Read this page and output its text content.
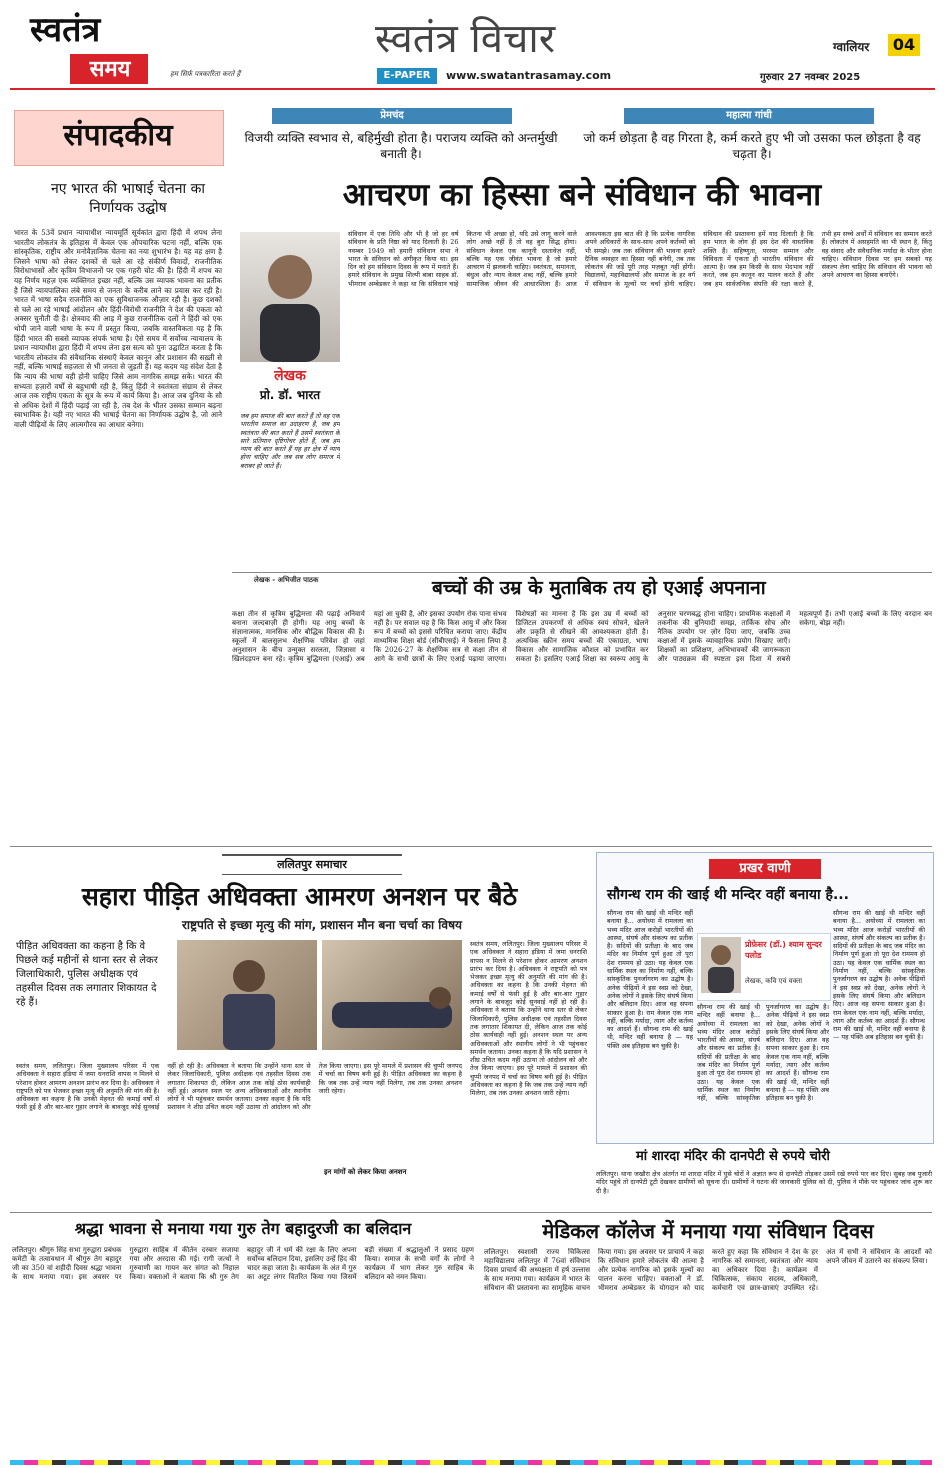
स्वतंत्र
समय	हम सिर्फ़ पत्रकारिता करते हैं
स्वतंत्र विचार
E-PAPER	www.swatantrasamay.com
ग्वालियर	04
गुरुवार 27 नवम्बर 2025
संपादकीय
नए भारत की भाषाई चेतना का निर्णायक उद्घोष
भारत के 53वें प्रधान न्यायाधीश न्यायमूर्ति सूर्यकांत द्वारा हिंदी में शपथ लेना भारतीय लोकतंत्र के इतिहास में केवल एक औपचारिक घटना नहीं, बल्कि एक सांस्कृतिक, राष्ट्रीय और मनोवैज्ञानिक चेतना का नया शुभारंभ है। यह वह क्षण है जिसने भाषा को लेकर दशकों से चले आ रहे संकीर्ण विवादों, राजनीतिक विरोधाभासों और कृत्रिम विभाजनों पर एक गहरी चोट की है। हिंदी में शपथ का यह निर्णय महज़ एक व्यक्तिगत इच्छा नहीं, बल्कि उस व्यापक भावना का प्रतीक है जिसे न्यायपालिका लंबे समय से जनता के करीब लाने का प्रयास कर रही है। भारत में भाषा सदैव राजनीति का एक सुविधाजनक औज़ार रही है। कुछ दशकों से चले आ रहे भाषाई आंदोलन और हिंदी-विरोधी राजनीति ने देश की एकता को अक्सर चुनौती दी है। क्षेत्रवाद की आड़ में कुछ राजनीतिक दलों ने हिंदी को एक थोपी जाने वाली भाषा के रूप में प्रस्तुत किया, जबकि वास्तविकता यह है कि हिंदी भारत की सबसे व्यापक संपर्क भाषा है। ऐसे समय में सर्वोच्च न्यायालय के प्रधान न्यायाधीश द्वारा हिंदी में शपथ लेना इस सत्य को पुनः उद्घाटित करता है कि भारतीय लोकतंत्र की संवैधानिक संस्थाएँ केवल कानून और प्रशासन की सख़्ती से नहीं, बल्कि भाषाई सहजता से भी जनता से जुड़ती हैं। यह कदम यह संदेश देता है कि न्याय की भाषा वही होनी चाहिए जिसे आम नागरिक समझ सके। भारत की सभ्यता हज़ारों वर्षों से बहुभाषी रही है, किंतु हिंदी ने स्वतंत्रता संग्राम से लेकर आज तक राष्ट्रीय एकता के सूत्र के रूप में कार्य किया है। आज जब दुनिया के सौ से अधिक देशों में हिंदी पढ़ाई जा रही है, तब देश के भीतर उसका सम्मान बढ़ना स्वाभाविक है। यही नए भारत की भाषाई चेतना का निर्णायक उद्घोष है, जो आने वाली पीढ़ियों के लिए आत्मगौरव का आधार बनेगा।
प्रेमचंद
विजयी व्यक्ति स्वभाव से, बहिर्मुखी होता है। पराजय व्यक्ति को अन्तर्मुखी बनाती है।
महात्मा गांधी
जो कर्म छोड़ता है वह गिरता है, कर्म करते हुए भी जो उसका फल छोड़ता है वह चढ़ता है।
आचरण का हिस्सा बने संविधान की भावना
लेखक
प्रो. डॉ. भारत
जब हम समाज की बात करते हैं तो वह एक भारतीय समाज का उदाहरण है, जब हम स्वतंत्रता की बात करते हैं उसमें स्वतंत्रता के सारे प्रतिमान दृष्टिगोचर होते हैं, जब हम न्याय की बात करते हैं यह हर क्षेत्र में न्याय होना चाहिए और जब सब लोग समाज में बराबर हो जाते हैं।
संविधान में एक तिथि और भी है जो हर वर्ष संविधान के प्रति निष्ठा को याद दिलाती है। 26 नवम्बर 1949 को हमारी संविधान सभा ने भारत के संविधान को अंगीकृत किया था। इस दिन को हम संविधान दिवस के रूप में मनाते हैं। हमारे संविधान के प्रमुख शिल्पी बाबा साहब डॉ. भीमराव अम्बेडकर ने कहा था कि संविधान चाहे कितना भी अच्छा हो, यदि उसे लागू करने वाले लोग अच्छे नहीं हैं तो वह बुरा सिद्ध होगा। संविधान केवल एक कानूनी दस्तावेज़ नहीं, बल्कि यह एक जीवंत भावना है जो हमारे आचरण में झलकनी चाहिए। स्वतंत्रता, समानता, बंधुत्व और न्याय केवल शब्द नहीं, बल्कि हमारे सामाजिक जीवन की आधारशिला हैं। आज आवश्यकता इस बात की है कि प्रत्येक नागरिक अपने अधिकारों के साथ-साथ अपने कर्तव्यों को भी समझे। जब तक संविधान की भावना हमारे दैनिक व्यवहार का हिस्सा नहीं बनेगी, तब तक लोकतंत्र की जड़ें पूरी तरह मज़बूत नहीं होंगी। विद्यालयों, महाविद्यालयों और समाज के हर वर्ग में संविधान के मूल्यों पर चर्चा होनी चाहिए। संविधान की प्रस्तावना हमें याद दिलाती है कि हम भारत के लोग ही इस देश की वास्तविक शक्ति हैं। सहिष्णुता, परस्पर सम्मान और विविधता में एकता ही भारतीय संविधान की आत्मा है। जब हम किसी के साथ भेदभाव नहीं करते, जब हम कानून का पालन करते हैं और जब हम सार्वजनिक संपत्ति की रक्षा करते हैं, तभी हम सच्चे अर्थों में संविधान का सम्मान करते हैं। लोकतंत्र में असहमति का भी स्थान है, किंतु वह संवाद और संवैधानिक मर्यादा के भीतर होना चाहिए। संविधान दिवस पर हम सबको यह संकल्प लेना चाहिए कि संविधान की भावना को अपने आचरण का हिस्सा बनाएँगे।
लेखक - अभिजीत पाठक	बच्चों की उम्र के मुताबिक तय हो एआई अपनाना
कक्षा तीन से कृत्रिम बुद्धिमत्ता की पढ़ाई अनिवार्य बनाना जल्दबाज़ी ही होगी। यह आयु बच्चों के संज्ञानात्मक, मानसिक और बौद्धिक विकास की है। स्कूलों में बालसुलभ शैक्षणिक परिवेश हो जहां अनुशासन के बीच उन्मुक्त सरलता, जिज्ञासा व खिलंदड़पन बना रहे। कृत्रिम बुद्धिमत्ता (एआई) अब यहां आ चुकी है, और इसका उपयोग रोक पाना संभव नहीं है। पर सवाल यह है कि किस आयु में और किस रूप में बच्चों को इससे परिचित कराया जाए। केंद्रीय माध्यमिक शिक्षा बोर्ड (सीबीएसई) ने फैसला लिया है कि 2026-27 के शैक्षणिक सत्र से कक्षा तीन से आगे के सभी छात्रों के लिए एआई पढ़ाया जाएगा। विशेषज्ञों का मानना है कि इस उम्र में बच्चों को डिजिटल उपकरणों से अधिक स्वयं सोचने, खेलने और प्रकृति से सीखने की आवश्यकता होती है। अत्यधिक स्क्रीन समय बच्चों की एकाग्रता, भाषा विकास और सामाजिक कौशल को प्रभावित कर सकता है। इसलिए एआई शिक्षा का स्वरूप आयु के अनुसार चरणबद्ध होना चाहिए। प्राथमिक कक्षाओं में तकनीक की बुनियादी समझ, तार्किक सोच और नैतिक उपयोग पर ज़ोर दिया जाए, जबकि उच्च कक्षाओं में इसके व्यावहारिक प्रयोग सिखाए जाएँ। शिक्षकों का प्रशिक्षण, अभिभावकों की जागरूकता और पाठ्यक्रम की स्पष्टता इस दिशा में सबसे महत्वपूर्ण हैं। तभी एआई बच्चों के लिए वरदान बन सकेगा, बोझ नहीं।
ललितपुर समाचार
सहारा पीड़ित अधिवक्ता आमरण अनशन पर बैठे
राष्ट्रपति से इच्छा मृत्यु की मांग, प्रशासन मौन बना चर्चा का विषय
पीड़ित अधिवक्ता का कहना है कि वे पिछले कई महीनों से थाना स्तर से लेकर जिलाधिकारी, पुलिस अधीक्षक एवं तहसील दिवस तक लगातार शिकायत दे रहे हैं।
स्वतंत्र समय, ललितपुर। जिला मुख्यालय परिसर में एक अधिवक्ता ने सहारा इंडिया में जमा धनराशि वापस न मिलने से परेशान होकर आमरण अनशन प्रारंभ कर दिया है। अधिवक्ता ने राष्ट्रपति को पत्र भेजकर इच्छा मृत्यु की अनुमति की मांग की है। अधिवक्ता का कहना है कि उनकी मेहनत की कमाई वर्षों से फंसी हुई है और बार-बार गुहार लगाने के बावजूद कोई सुनवाई नहीं हो रही है। अधिवक्ता ने बताया कि उन्होंने थाना स्तर से लेकर जिलाधिकारी, पुलिस अधीक्षक एवं तहसील दिवस तक लगातार शिकायत दी, लेकिन आज तक कोई ठोस कार्यवाही नहीं हुई। अनशन स्थल पर अन्य अधिवक्ताओं और स्थानीय लोगों ने भी पहुंचकर समर्थन जताया। उनका कहना है कि यदि प्रशासन ने शीघ्र उचित कदम नहीं उठाया तो आंदोलन को और तेज किया जाएगा। इस पूरे मामले में प्रशासन की चुप्पी जनपद में चर्चा का विषय बनी हुई है। पीड़ित अधिवक्ता का कहना है कि जब तक उन्हें न्याय नहीं मिलेगा, तब तक उनका अनशन जारी रहेगा।
इन मांगों को लेकर किया अनशन
स्वतंत्र समय, ललितपुर। जिला मुख्यालय परिसर में एक अधिवक्ता ने सहारा इंडिया में जमा धनराशि वापस न मिलने से परेशान होकर आमरण अनशन प्रारंभ कर दिया है। अधिवक्ता ने राष्ट्रपति को पत्र भेजकर इच्छा मृत्यु की अनुमति की मांग की है। अधिवक्ता का कहना है कि उनकी मेहनत की कमाई वर्षों से फंसी हुई है और बार-बार गुहार लगाने के बावजूद कोई सुनवाई नहीं हो रही है। अधिवक्ता ने बताया कि उन्होंने थाना स्तर से लेकर जिलाधिकारी, पुलिस अधीक्षक एवं तहसील दिवस तक लगातार शिकायत दी, लेकिन आज तक कोई ठोस कार्यवाही नहीं हुई। अनशन स्थल पर अन्य अधिवक्ताओं और स्थानीय लोगों ने भी पहुंचकर समर्थन जताया। उनका कहना है कि यदि प्रशासन ने शीघ्र उचित कदम नहीं उठाया तो आंदोलन को और तेज किया जाएगा। इस पूरे मामले में प्रशासन की चुप्पी जनपद में चर्चा का विषय बनी हुई है। पीड़ित अधिवक्ता का कहना है कि जब तक उन्हें न्याय नहीं मिलेगा, तब तक उनका अनशन जारी रहेगा।
प्रखर वाणी
सौगन्ध राम की खाई थी मन्दिर वहीं बनाया है...
प्रोफ़ेसर (डॉ.) श्याम सुन्दर पलोड
लेखक, कवि एवं वक्ता
सौगन्ध राम की खाई थी मन्दिर वहीं बनाया है... अयोध्या में रामलला का भव्य मंदिर आज करोड़ों भारतीयों की आस्था, संघर्ष और संकल्प का प्रतीक है। सदियों की प्रतीक्षा के बाद जब मंदिर का निर्माण पूर्ण हुआ तो पूरा देश राममय हो उठा। यह केवल एक धार्मिक स्थल का निर्माण नहीं, बल्कि सांस्कृतिक पुनर्जागरण का उद्घोष है। अनेक पीढ़ियों ने इस स्वप्न को देखा, अनेक लोगों ने इसके लिए संघर्ष किया और बलिदान दिए। आज वह सपना साकार हुआ है। राम केवल एक नाम नहीं, बल्कि मर्यादा, त्याग और कर्तव्य का आदर्श हैं। सौगन्ध राम की खाई थी, मन्दिर वहीं बनाया है — यह पंक्ति अब इतिहास बन चुकी है।
सौगन्ध राम की खाई थी मन्दिर वहीं बनाया है... अयोध्या में रामलला का भव्य मंदिर आज करोड़ों भारतीयों की आस्था, संघर्ष और संकल्प का प्रतीक है। सदियों की प्रतीक्षा के बाद जब मंदिर का निर्माण पूर्ण हुआ तो पूरा देश राममय हो उठा। यह केवल एक धार्मिक स्थल का निर्माण नहीं, बल्कि सांस्कृतिक पुनर्जागरण का उद्घोष है। अनेक पीढ़ियों ने इस स्वप्न को देखा, अनेक लोगों ने इसके लिए संघर्ष किया और बलिदान दिए। आज वह सपना साकार हुआ है। राम केवल एक नाम नहीं, बल्कि मर्यादा, त्याग और कर्तव्य का आदर्श हैं। सौगन्ध राम की खाई थी, मन्दिर वहीं बनाया है — यह पंक्ति अब इतिहास बन चुकी है।
सौगन्ध राम की खाई थी मन्दिर वहीं बनाया है... अयोध्या में रामलला का भव्य मंदिर आज करोड़ों भारतीयों की आस्था, संघर्ष और संकल्प का प्रतीक है। सदियों की प्रतीक्षा के बाद जब मंदिर का निर्माण पूर्ण हुआ तो पूरा देश राममय हो उठा। यह केवल एक धार्मिक स्थल का निर्माण नहीं, बल्कि सांस्कृतिक पुनर्जागरण का उद्घोष है। अनेक पीढ़ियों ने इस स्वप्न को देखा, अनेक लोगों ने इसके लिए संघर्ष किया और बलिदान दिए। आज वह सपना साकार हुआ है। राम केवल एक नाम नहीं, बल्कि मर्यादा, त्याग और कर्तव्य का आदर्श हैं। सौगन्ध राम की खाई थी, मन्दिर वहीं बनाया है — यह पंक्ति अब इतिहास बन चुकी है।
मां शारदा मंदिर की दानपेटी से रुपये चोरी
ललितपुर। थाना जखौरा क्षेत्र अंतर्गत मां शारदा मंदिर में घुसे चोरों ने अज्ञात रूप से दानपेटी तोड़कर उसमें रखे रुपये पार कर दिए। सुबह जब पुजारी मंदिर पहुंचे तो दानपेटी टूटी देखकर ग्रामीणों को सूचना दी। ग्रामीणों ने घटना की जानकारी पुलिस को दी, पुलिस ने मौके पर पहुंचकर जांच शुरू कर दी है।
श्रद्धा भावना से मनाया गया गुरु तेग बहादुरजी का बलिदान
ललितपुर। श्रीगुरु सिंह सभा गुरुद्वारा प्रबंधक कमेटी के तत्वावधान में श्रीगुरु तेग बहादुर जी का 350 वां शहीदी दिवस श्रद्धा भावना के साथ मनाया गया। इस अवसर पर गुरुद्वारा साहिब में कीर्तन दरबार सजाया गया और अरदास की गई। रागी जत्थों ने गुरुवाणी का गायन कर संगत को निहाल किया। वक्ताओं ने बताया कि श्री गुरु तेग बहादुर जी ने धर्म की रक्षा के लिए अपना सर्वोच्च बलिदान दिया, इसलिए उन्हें हिंद की चादर कहा जाता है। कार्यक्रम के अंत में गुरु का अटूट लंगर वितरित किया गया जिसमें बड़ी संख्या में श्रद्धालुओं ने प्रसाद ग्रहण किया। समाज के सभी वर्गों के लोगों ने कार्यक्रम में भाग लेकर गुरु साहिब के बलिदान को नमन किया।
मेडिकल कॉलेज में मनाया गया संविधान दिवस
ललितपुर। स्वशासी राज्य चिकित्सा महाविद्यालय ललितपुर में 76वां संविधान दिवस प्राचार्य की अध्यक्षता में हर्ष उल्लास के साथ मनाया गया। कार्यक्रम में भारत के संविधान की प्रस्तावना का सामूहिक वाचन किया गया। इस अवसर पर प्राचार्य ने कहा कि संविधान हमारे लोकतंत्र की आत्मा है और प्रत्येक नागरिक को इसके मूल्यों का पालन करना चाहिए। वक्ताओं ने डॉ. भीमराव अम्बेडकर के योगदान को याद करते हुए कहा कि संविधान ने देश के हर नागरिक को समानता, स्वतंत्रता और न्याय का अधिकार दिया है। कार्यक्रम में चिकित्सक, संकाय सदस्य, अधिकारी, कर्मचारी एवं छात्र-छात्राएं उपस्थित रहे। अंत में सभी ने संविधान के आदर्शों को अपने जीवन में उतारने का संकल्प लिया।
